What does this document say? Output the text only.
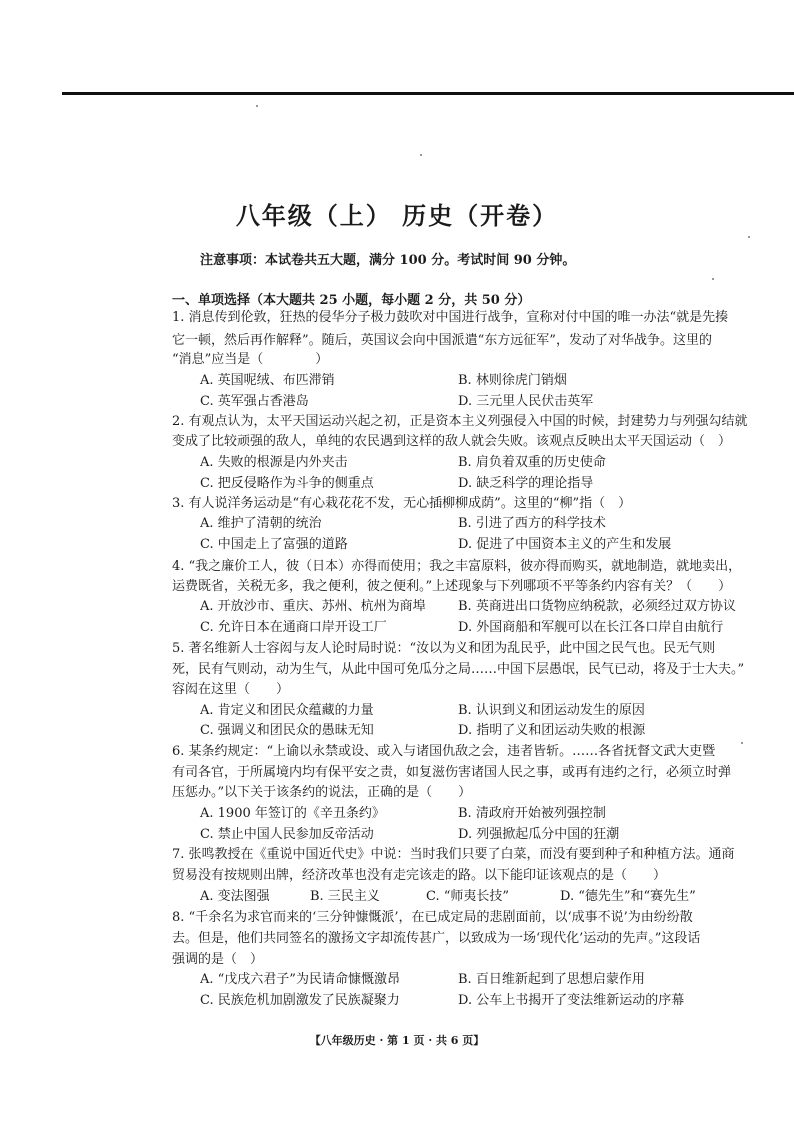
八年级（上） 历史（开卷）
注意事项：本试卷共五大题，满分 100 分。考试时间 90 分钟。
一、单项选择（本大题共 25 小题，每小题 2 分，共 50 分）
1. 消息传到伦敦，狂热的侵华分子极力鼓吹对中国进行战争，宣称对付中国的唯一办法“就是先揍
它一顿，然后再作解释”。随后，英国议会向中国派遣“东方远征军”，发动了对华战争。这里的
“消息”应当是（　　　　）
A. 英国呢绒、布匹滞销	B. 林则徐虎门销烟
C. 英军强占香港岛	D. 三元里人民伏击英军
2. 有观点认为，太平天国运动兴起之初，正是资本主义列强侵入中国的时候，封建势力与列强勾结就
变成了比较顽强的敌人，单纯的农民遇到这样的敌人就会失败。该观点反映出太平天国运动（　）
A. 失败的根源是内外夹击	B. 肩负着双重的历史使命
C. 把反侵略作为斗争的侧重点	D. 缺乏科学的理论指导
3. 有人说洋务运动是“有心栽花花不发，无心插柳柳成荫”。这里的“柳”指（　）
A. 维护了清朝的统治	B. 引进了西方的科学技术
C. 中国走上了富强的道路	D. 促进了中国资本主义的产生和发展
4. “我之廉价工人，彼（日本）亦得而使用；我之丰富原料，彼亦得而购买，就地制造，就地卖出，
运费既省，关税无多，我之便利，彼之便利。”上述现象与下列哪项不平等条约内容有关？（　　）
A. 开放沙市、重庆、苏州、杭州为商埠 B. 英商进出口货物应纳税款，必须经过双方协议
C. 允许日本在通商口岸开设工厂	D. 外国商船和军舰可以在长江各口岸自由航行
5. 著名维新人士容闳与友人论时局时说：“汝以为义和团为乱民乎，此中国之民气也。民无气则
死，民有气则动，动为生气，从此中国可免瓜分之局……中国下层愚氓，民气已动，将及于士大夫。”
容闳在这里（　　）
A. 肯定义和团民众蕴藏的力量	B. 认识到义和团运动发生的原因
C. 强调义和团民众的愚昧无知	D. 指明了义和团运动失败的根源
6. 某条约规定：“上谕以永禁或设、或入与诸国仇敌之会，违者皆斩。……各省抚督文武大吏暨
有司各官，于所属境内均有保平安之责，如复滋伤害诸国人民之事，或再有违约之行，必须立时弹
压惩办。”以下关于该条约的说法，正确的是（　　）
A. 1900 年签订的《辛丑条约》	B. 清政府开始被列强控制
C. 禁止中国人民参加反帝活动	D. 列强掀起瓜分中国的狂潮
7. 张鸣教授在《重说中国近代史》中说：当时我们只要了白菜，而没有要到种子和种植方法。通商
贸易没有按规则出牌，经济改革也没有走完该走的路。以下能印证该观点的是（　　）
A. 变法图强	B. 三民主义	C. “师夷长技”	D. “德先生”和“赛先生”
8. “千余名为求官而来的‘三分钟慷慨派’，在已成定局的悲剧面前，以‘成事不说’为由纷纷散
去。但是，他们共同签名的激扬文字却流传甚广，以致成为一场‘现代化’运动的先声。”这段话
强调的是（　）
A. “戊戌六君子”为民请命慷慨激昂	B. 百日维新起到了思想启蒙作用
C. 民族危机加剧激发了民族凝聚力	D. 公车上书揭开了变法维新运动的序幕
【八年级历史 · 第 1 页 · 共 6 页】
